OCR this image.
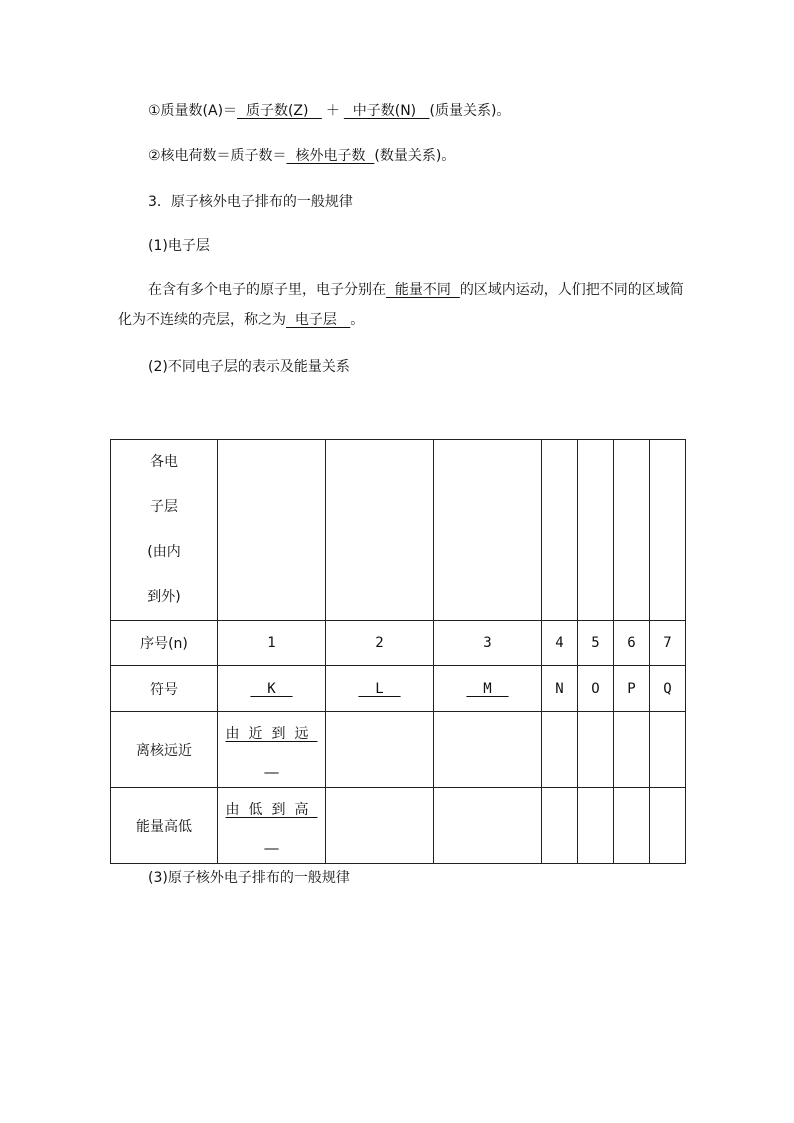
①质量数(A)＝  质子数(Z)   ＋  中子数(N)   (质量关系)。
②核电荷数＝质子数＝  核外电子数  (数量关系)。
3．原子核外电子排布的一般规律
(1)电子层
在含有多个电子的原子里，电子分别在  能量不同  的区域内运动，人们把不同的区域简化为不连续的壳层，称之为  电子层   。
(2)不同电子层的表示及能量关系
各电
子层
(由内
到外)							

序号(n)	1	2	3	4	5	6	7
符号	K	L	M	N	O	P	Q
离核远近	由近到远
__						

能量高低	由低到高
__						

(3)原子核外电子排布的一般规律
